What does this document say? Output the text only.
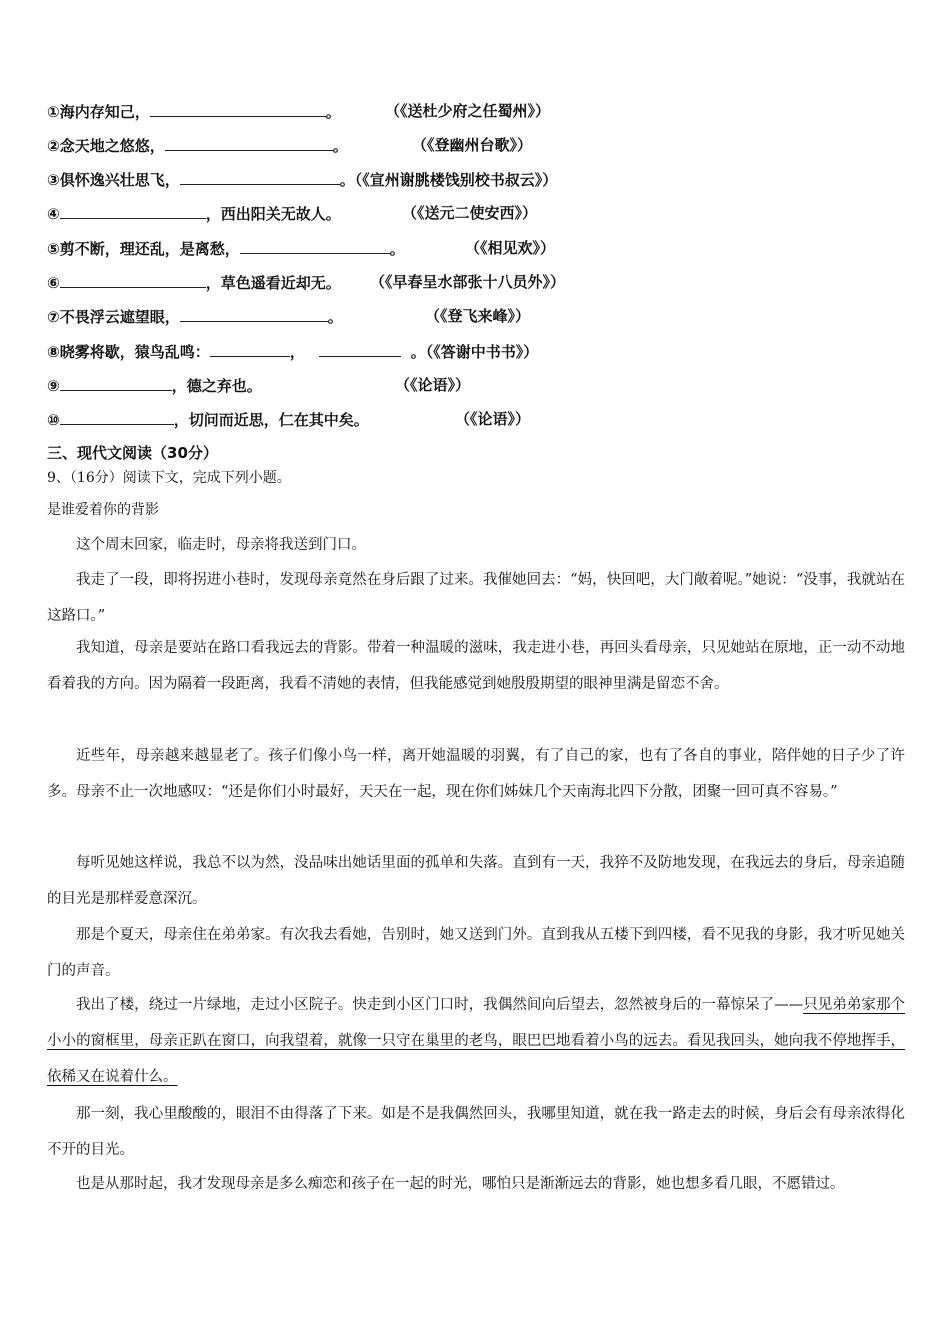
①海内存知己，	。	（《送杜少府之任蜀州》）
②念天地之悠悠，	。	（《登幽州台歌》）
③俱怀逸兴壮思飞，	。（《宣州谢朓楼饯别校书叔云》）
④	，西出阳关无故人。	（《送元二使安西》）
⑤剪不断，理还乱，是离愁，	。	（《相见欢》）
⑥	，草色遥看近却无。 （《早春呈水部张十八员外》）
⑦不畏浮云遮望眼，	。	（《登飞来峰》）
⑧晓雾将歇，猿鸟乱鸣：	，	。（《答谢中书书》）
⑨	，德之弃也。	（《论语》）
⑩	，切问而近思，仁在其中矣。	（《论语》）
三、现代文阅读（30分）
9、（16分）阅读下文，完成下列小题。
是谁爱着你的背影
这个周末回家，临走时，母亲将我送到门口。
我走了一段，即将拐进小巷时，发现母亲竟然在身后跟了过来。我催她回去：“妈，快回吧，大门敞着呢。”她说：“没事，我就站在这路口。”
我知道，母亲是要站在路口看我远去的背影。带着一种温暖的滋味，我走进小巷，再回头看母亲，只见她站在原地，正一动不动地看着我的方向。因为隔着一段距离，我看不清她的表情，但我能感觉到她殷殷期望的眼神里满是留恋不舍。
近些年，母亲越来越显老了。孩子们像小鸟一样，离开她温暖的羽翼，有了自己的家，也有了各自的事业，陪伴她的日子少了许多。母亲不止一次地感叹：“还是你们小时最好，天天在一起，现在你们姊妹几个天南海北四下分散，团聚一回可真不容易。”
每听见她这样说，我总不以为然，没品味出她话里面的孤单和失落。直到有一天，我猝不及防地发现，在我远去的身后，母亲追随的目光是那样爱意深沉。
那是个夏天，母亲住在弟弟家。有次我去看她，告别时，她又送到门外。直到我从五楼下到四楼，看不见我的身影，我才听见她关门的声音。
我出了楼，绕过一片绿地，走过小区院子。快走到小区门口时，我偶然间向后望去，忽然被身后的一幕惊呆了——只见弟弟家那个小小的窗框里，母亲正趴在窗口，向我望着，就像一只守在巢里的老鸟，眼巴巴地看着小鸟的远去。看见我回头，她向我不停地挥手，依稀又在说着什么。
那一刻，我心里酸酸的，眼泪不由得落了下来。如是不是我偶然回头，我哪里知道，就在我一路走去的时候，身后会有母亲浓得化不开的目光。
也是从那时起，我才发现母亲是多么痴恋和孩子在一起的时光，哪怕只是渐渐远去的背影，她也想多看几眼，不愿错过。
